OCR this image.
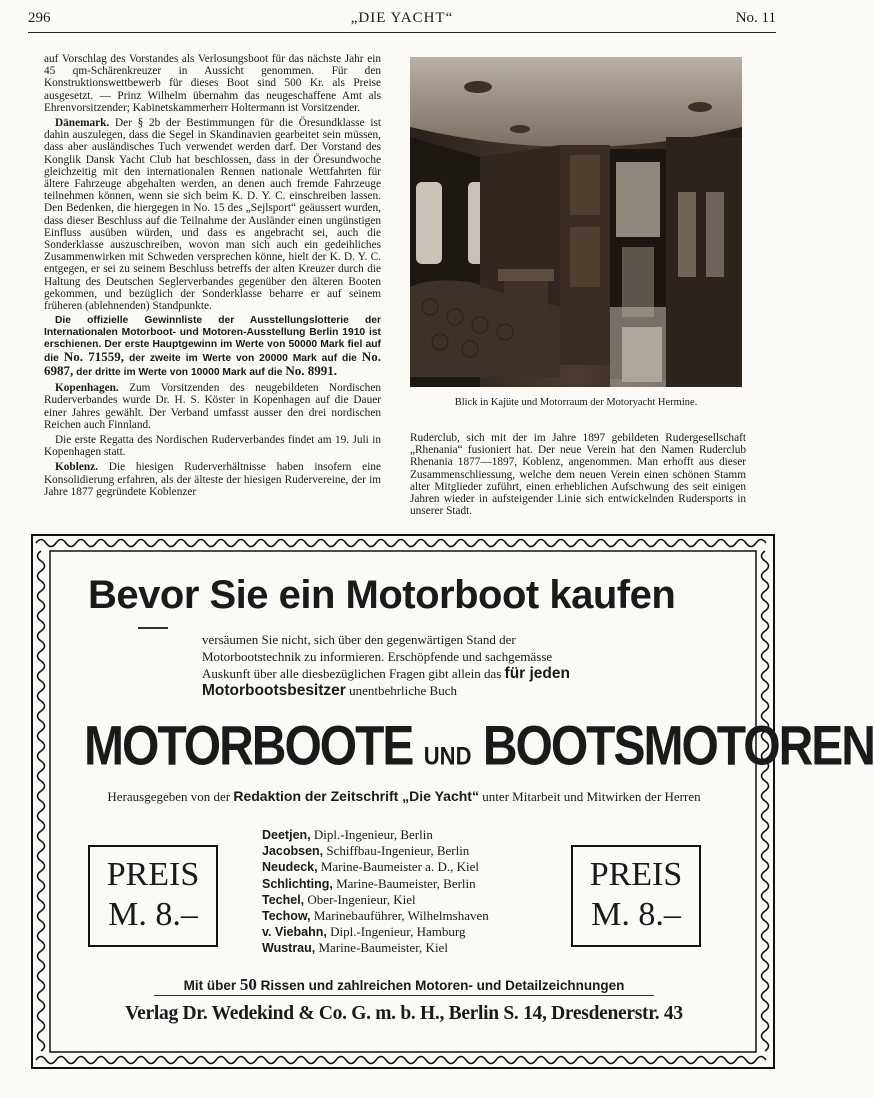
296	„DIE YACHT“	No. 11

auf Vorschlag des Vorstandes als Verlosungsboot für das nächste Jahr ein 45 qm-Schärenkreuzer in Aussicht genommen. Für den Konstruktionswettbewerb für dieses Boot sind 500 Kr. als Preise ausgesetzt. — Prinz Wilhelm übernahm das neugeschaffene Amt als Ehrenvorsitzender; Kabinetskammerherr Holtermann ist Vorsitzender.

Dänemark. Der § 2b der Bestimmungen für die Öresundklasse ist dahin auszulegen, dass die Segel in Skandinavien gearbeitet sein müssen, dass aber ausländisches Tuch verwendet werden darf. Der Vorstand des Konglik Dansk Yacht Club hat beschlossen, dass in der Öresundwoche gleichzeitig mit den internationalen Rennen nationale Wettfahrten für ältere Fahrzeuge abgehalten werden, an denen auch fremde Fahrzeuge teilnehmen können, wenn sie sich beim K. D. Y. C. einschreiben lassen. Den Bedenken, die hiergegen in No. 15 des „Sejlsport“ geäussert wurden, dass dieser Beschluss auf die Teilnahme der Ausländer einen ungünstigen Einfluss ausüben würden, und dass es angebracht sei, auch die Sonderklasse auszuschreiben, wovon man sich auch ein gedeihliches Zusammenwirken mit Schweden versprechen könne, hielt der K. D. Y. C. entgegen, er sei zu seinem Beschluss betreffs der alten Kreuzer durch die Haltung des Deutschen Seglerverbandes gegenüber den älteren Booten gekommen, und bezüglich der Sonderklasse beharre er auf seinem früheren (ablehnenden) Standpunkte.

Die offizielle Gewinnliste der Ausstellungslotterie der Internationalen Motorboot- und Motoren-Ausstellung Berlin 1910 ist erschienen. Der erste Hauptgewinn im Werte von 50000 Mark fiel auf die No. 71559, der zweite im Werte von 20000 Mark auf die No. 6987, der dritte im Werte von 10000 Mark auf die No. 8991.

Kopenhagen. Zum Vorsitzenden des neugebildeten Nordischen Ruderverbandes wurde Dr. H. S. Köster in Kopenhagen auf die Dauer einer Jahres gewählt. Der Verband umfasst ausser den drei nordischen Reichen auch Finnland.

Die erste Regatta des Nordischen Ruderverbandes findet am 19. Juli in Kopenhagen statt.

Koblenz. Die hiesigen Ruderverhältnisse haben insofern eine Konsolidierung erfahren, als der älteste der hiesigen Rudervereine, der im Jahre 1877 gegründete Koblenzer

Blick in Kajüte und Motorraum der Motoryacht Hermine.

Ruderclub, sich mit der im Jahre 1897 gebildeten Rudergesellschaft „Rhenania“ fusioniert hat. Der neue Verein hat den Namen Ruderclub Rhenania 1877—1897, Koblenz, angenommen. Man erhofft aus dieser Zusammenschliessung, welche dem neuen Verein einen schönen Stamm alter Mitglieder zuführt, einen erheblichen Aufschwung des seit einigen Jahren wieder in aufsteigender Linie sich entwickelnden Rudersports in unserer Stadt.

Bevor Sie ein Motorboot kaufen
versäumen Sie nicht, sich über den gegenwärtigen Stand der Motorbootstechnik zu informieren. Erschöpfende und sachgemässe Auskunft über alle diesbezüglichen Fragen gibt allein das für jeden Motorbootsbesitzer unentbehrliche Buch
MOTORBOOTE UND BOOTSMOTOREN
Herausgegeben von der Redaktion der Zeitschrift „Die Yacht“ unter Mitarbeit und Mitwirken der Herren
Deetjen, Dipl.-Ingenieur, Berlin
Jacobsen, Schiffbau-Ingenieur, Berlin
Neudeck, Marine-Baumeister a. D., Kiel
Schlichting, Marine-Baumeister, Berlin
Techel, Ober-Ingenieur, Kiel
Techow, Marinebauführer, Wilhelmshaven
v. Viebahn, Dipl.-Ingenieur, Hamburg
Wustrau, Marine-Baumeister, Kiel
PREIS
M. 8.–
PREIS
M. 8.–
Mit über 50 Rissen und zahlreichen Motoren- und Detailzeichnungen
Verlag Dr. Wedekind & Co. G. m. b. H., Berlin S. 14, Dresdenerstr. 43
